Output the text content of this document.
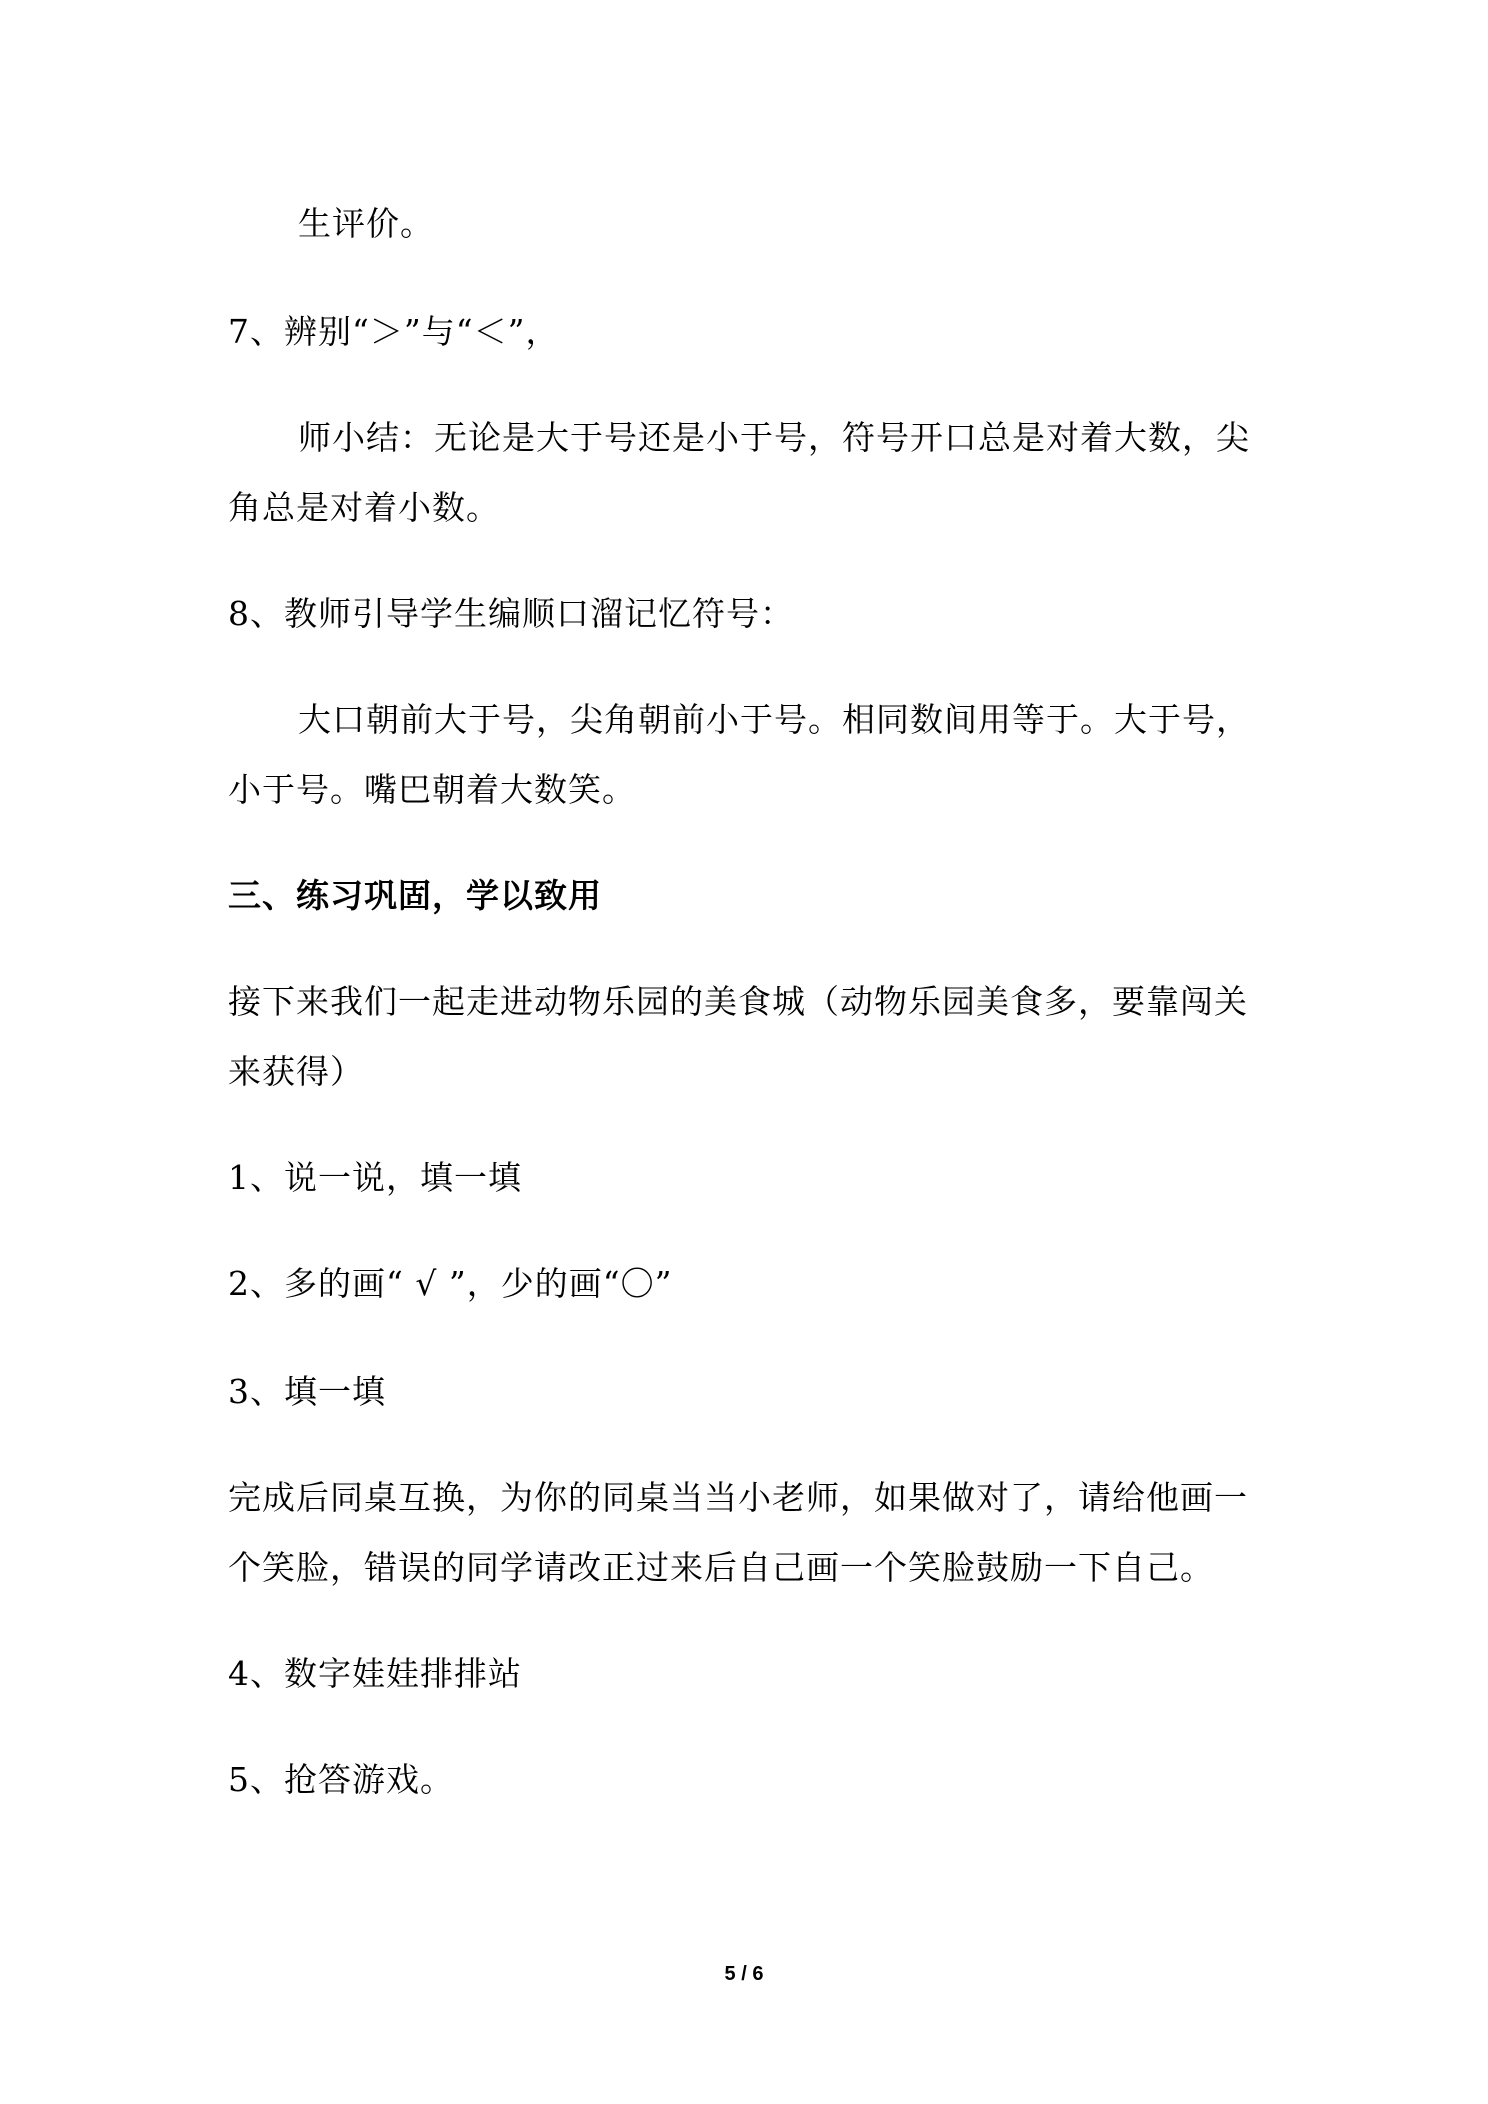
生评价。
7、辨别“＞”与“＜”，
师小结：无论是大于号还是小于号，符号开口总是对着大数，尖
角总是对着小数。
8、教师引导学生编顺口溜记忆符号：
大口朝前大于号，尖角朝前小于号。相同数间用等于。大于号，
小于号。嘴巴朝着大数笑。
三、练习巩固，学以致用
接下来我们一起走进动物乐园的美食城（动物乐园美食多，要靠闯关
来获得）
1、说一说，填一填
2、多的画“ √ ”，少的画“〇”
3、填一填
完成后同桌互换，为你的同桌当当小老师，如果做对了，请给他画一
个笑脸，错误的同学请改正过来后自己画一个笑脸鼓励一下自己。
4、数字娃娃排排站
5、抢答游戏。
5 / 6
